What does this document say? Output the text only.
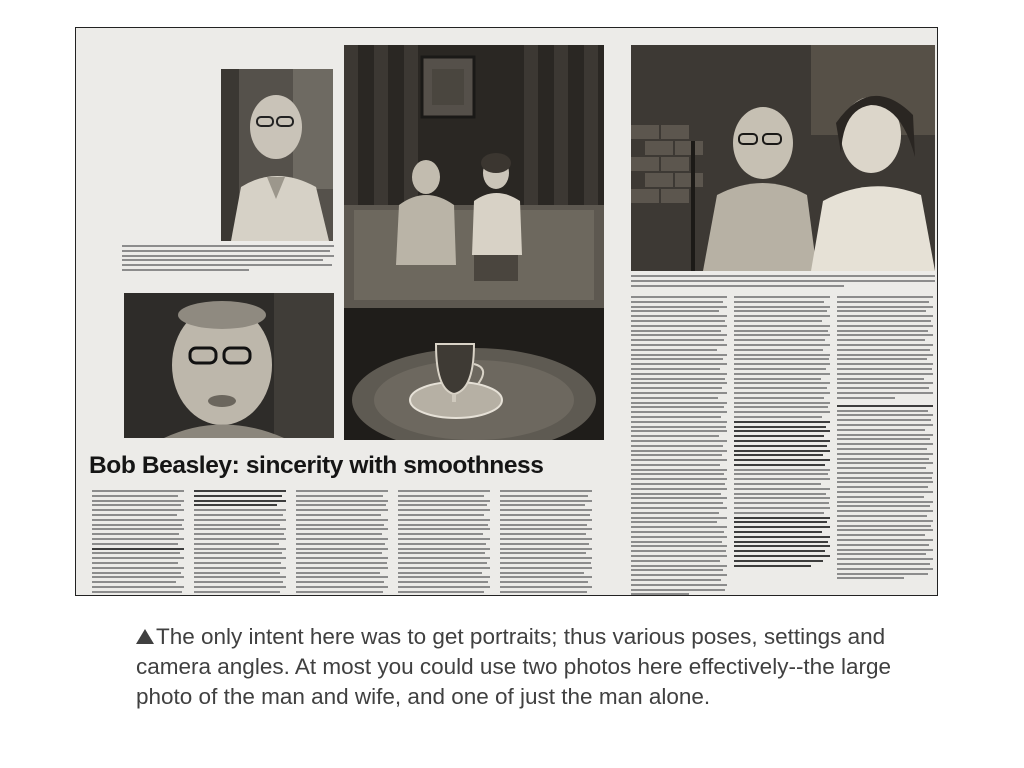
Bob Beasley: sincerity with smoothness
The only intent here was to get portraits; thus various poses, settings and camera angles. At most you could use two photos here effectively--the large photo of the man and wife, and one of just the man alone.
